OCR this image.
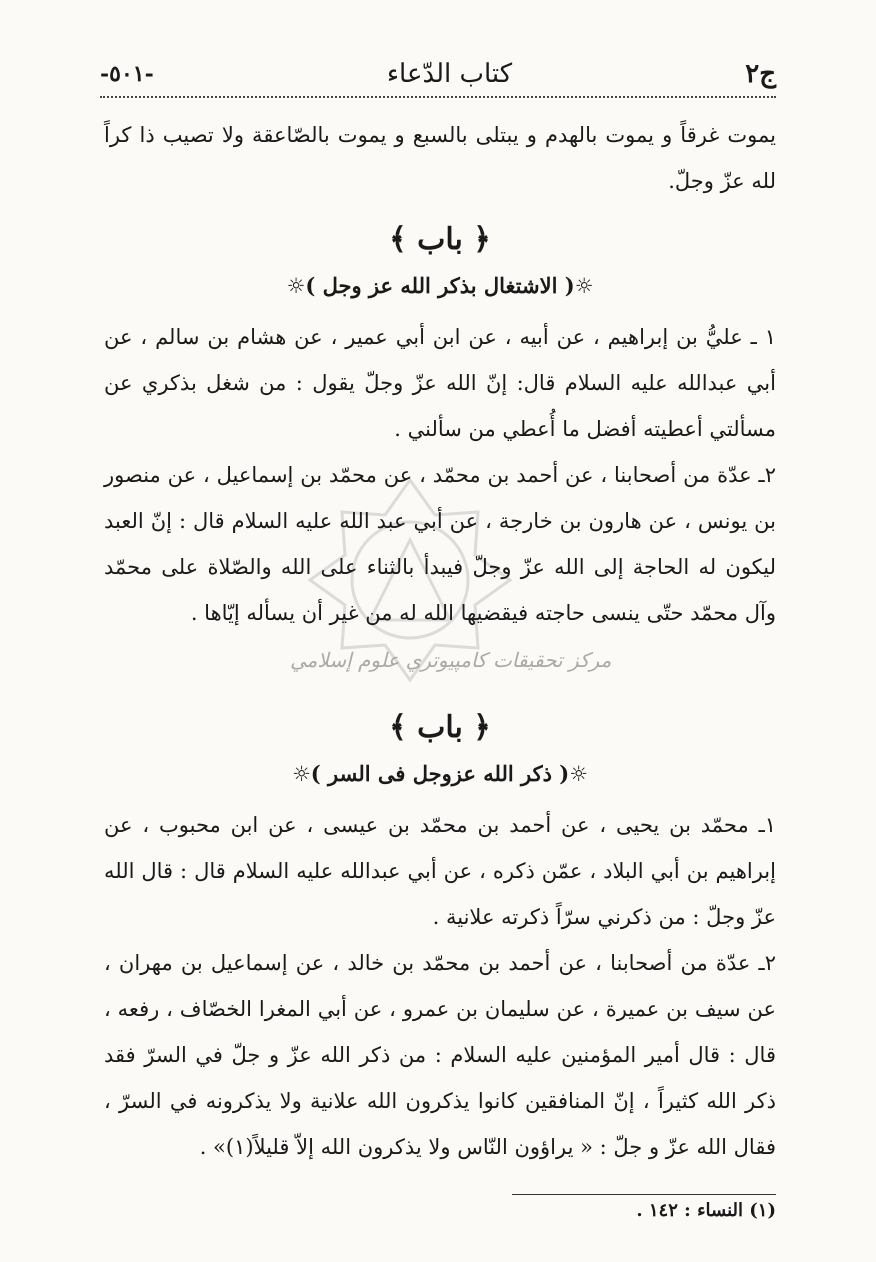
ج٢
كتاب الدّعاء
-٥٠١-
مركز تحقيقات كامپيوتري علوم إسلامي

يموت غرقاً و يموت بالهدم و يبتلى بالسبع و يموت بالصّاعقة ولا تصيب ذا كراً لله عزّ وجلّ.

﴿ باب ﴾
☼( الاشتغال بذكر الله عز وجل )☼

١ ـ عليُّ بن إبراهيم ، عن أبيه ، عن ابن أبي عمير ، عن هشام بن سالم ، عن أبي عبدالله عليه السلام قال: إنّ الله عزّ وجلّ يقول : من شغل بذكري عن مسألتي أعطيته أفضل ما أُعطي من سألني .

٢ـ عدّة من أصحابنا ، عن أحمد بن محمّد ، عن محمّد بن إسماعيل ، عن منصور بن يونس ، عن هارون بن خارجة ، عن أبي عبد الله عليه السلام قال : إنّ العبد ليكون له الحاجة إلى الله عزّ وجلّ فيبدأ بالثناء على الله والصّلاة على محمّد وآل محمّد حتّى ينسى حاجته فيقضيها الله له من غير أن يسأله إيّاها .

﴿ باب ﴾
☼( ذكر الله عزوجل فى السر )☼

١ـ محمّد بن يحيى ، عن أحمد بن محمّد بن عيسى ، عن ابن محبوب ، عن إبراهيم بن أبي البلاد ، عمّن ذكره ، عن أبي عبدالله عليه السلام قال : قال الله عزّ وجلّ : من ذكرني سرّاً ذكرته علانية .

٢ـ عدّة من أصحابنا ، عن أحمد بن محمّد بن خالد ، عن إسماعيل بن مهران ، عن سيف بن عميرة ، عن سليمان بن عمرو ، عن أبي المغرا الخصّاف ، رفعه ، قال : قال أمير المؤمنين عليه السلام : من ذكر الله عزّ و جلّ في السرّ فقد ذكر الله كثيراً ، إنّ المنافقين كانوا يذكرون الله علانية ولا يذكرونه في السرّ ، فقال الله عزّ و جلّ : « يراؤون النّاس ولا يذكرون الله إلاّ قليلاً(١)» .

(١) النساء : ١٤٢ .
